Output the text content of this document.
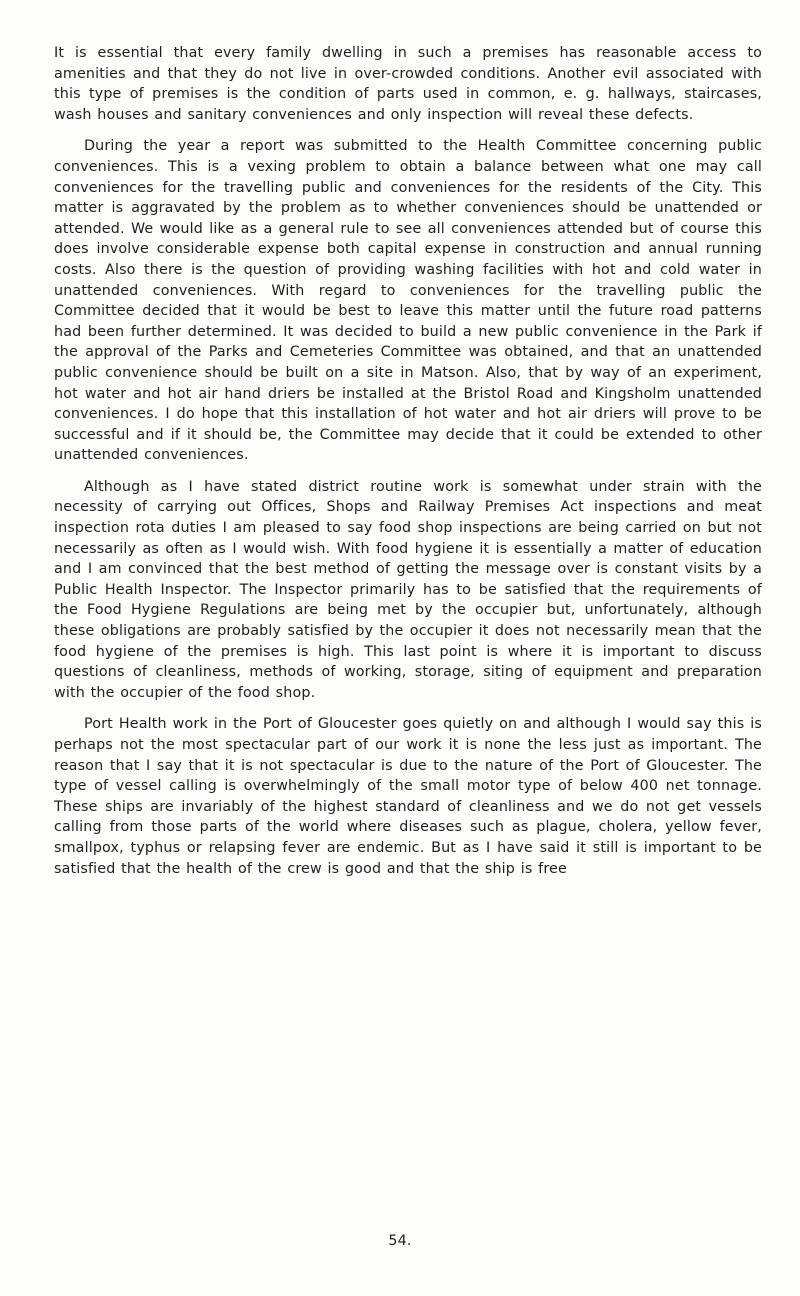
It is essential that every family dwelling in such a premises has reasonable access to amenities and that they do not live in over-crowded conditions. Another evil associated with this type of premises is the condition of parts used in common, e. g. hallways, staircases, wash houses and sanitary conveniences and only inspection will reveal these defects.

During the year a report was submitted to the Health Committee concerning public conveniences. This is a vexing problem to obtain a balance between what one may call conveniences for the travelling public and conveniences for the residents of the City. This matter is aggravated by the problem as to whether conveniences should be unattended or attended. We would like as a general rule to see all conveniences attended but of course this does involve considerable expense both capital expense in construction and annual running costs. Also there is the question of providing washing facilities with hot and cold water in unattended conveniences. With regard to conveniences for the travelling public the Committee decided that it would be best to leave this matter until the future road patterns had been further determined. It was decided to build a new public convenience in the Park if the approval of the Parks and Cemeteries Committee was obtained, and that an unattended public convenience should be built on a site in Matson. Also, that by way of an experiment, hot water and hot air hand driers be installed at the Bristol Road and Kingsholm unattended conveniences. I do hope that this installation of hot water and hot air driers will prove to be successful and if it should be, the Committee may decide that it could be extended to other unattended conveniences.

Although as I have stated district routine work is somewhat under strain with the necessity of carrying out Offices, Shops and Railway Premises Act inspections and meat inspection rota duties I am pleased to say food shop inspections are being carried on but not necessarily as often as I would wish. With food hygiene it is essentially a matter of education and I am convinced that the best method of getting the message over is constant visits by a Public Health Inspector. The Inspector primarily has to be satisfied that the requirements of the Food Hygiene Regulations are being met by the occupier but, unfortunately, although these obligations are probably satisfied by the occupier it does not necessarily mean that the food hygiene of the premises is high. This last point is where it is important to discuss questions of cleanliness, methods of working, storage, siting of equipment and preparation with the occupier of the food shop.

Port Health work in the Port of Gloucester goes quietly on and although I would say this is perhaps not the most spectacular part of our work it is none the less just as important. The reason that I say that it is not spectacular is due to the nature of the Port of Gloucester. The type of vessel calling is overwhelmingly of the small motor type of below 400 net tonnage. These ships are invariably of the highest standard of cleanliness and we do not get vessels calling from those parts of the world where diseases such as plague, cholera, yellow fever, smallpox, typhus or relapsing fever are endemic. But as I have said it still is important to be satisfied that the health of the crew is good and that the ship is free

54.
